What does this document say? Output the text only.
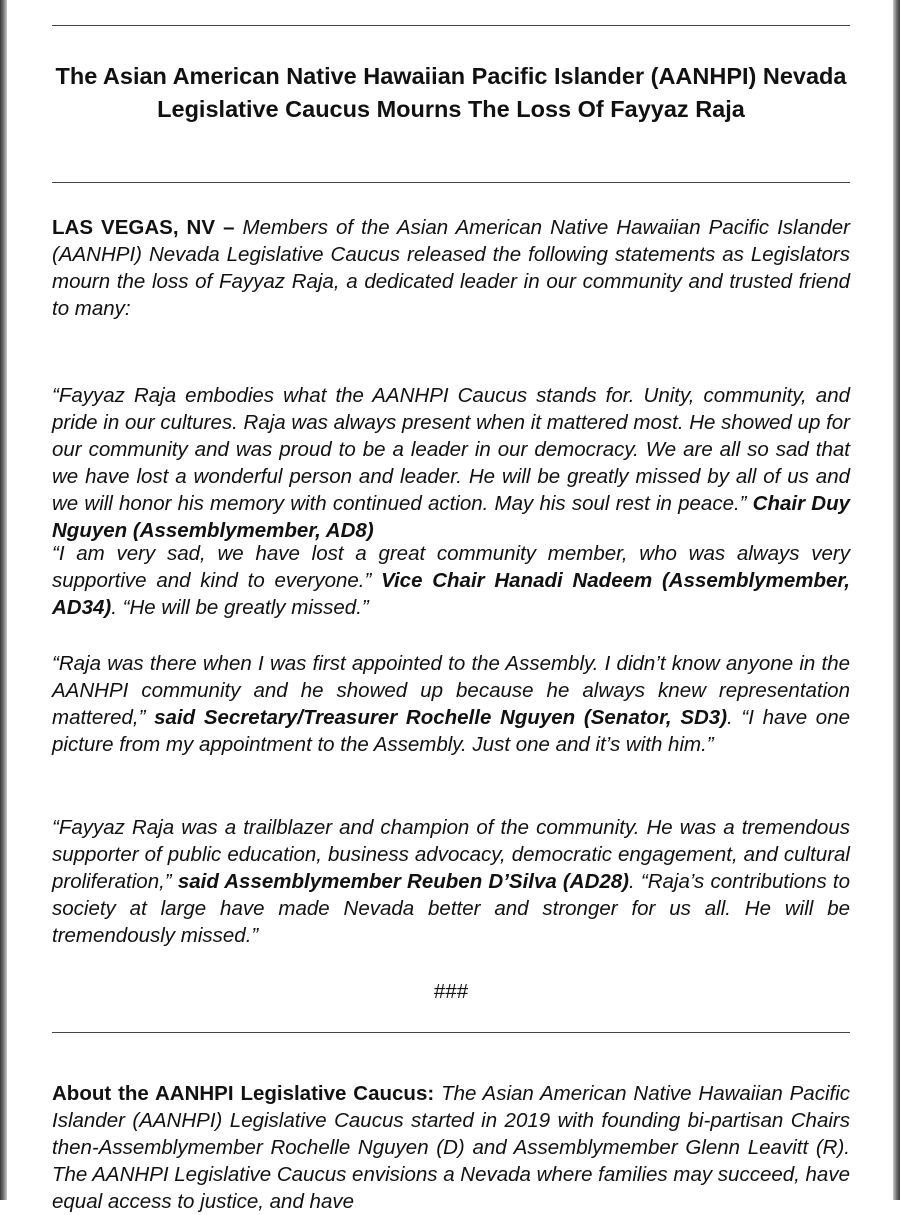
The Asian American Native Hawaiian Pacific Islander (AANHPI) Nevada Legislative Caucus Mourns The Loss Of Fayyaz Raja

LAS VEGAS, NV – Members of the Asian American Native Hawaiian Pacific Islander (AANHPI) Nevada Legislative Caucus released the following statements as Legislators mourn the loss of Fayyaz Raja, a dedicated leader in our community and trusted friend to many:

“Fayyaz Raja embodies what the AANHPI Caucus stands for. Unity, community, and pride in our cultures. Raja was always present when it mattered most. He showed up for our community and was proud to be a leader in our democracy. We are all so sad that we have lost a wonderful person and leader. He will be greatly missed by all of us and we will honor his memory with continued action. May his soul rest in peace.” Chair Duy Nguyen (Assemblymember, AD8)

“I am very sad, we have lost a great community member, who was always very supportive and kind to everyone.” Vice Chair Hanadi Nadeem (Assemblymember, AD34). “He will be greatly missed.”

“Raja was there when I was first appointed to the Assembly. I didn’t know anyone in the AANHPI community and he showed up because he always knew representation mattered,” said Secretary/Treasurer Rochelle Nguyen (Senator, SD3). “I have one picture from my appointment to the Assembly. Just one and it’s with him.”

“Fayyaz Raja was a trailblazer and champion of the community. He was a tremendous supporter of public education, business advocacy, democratic engagement, and cultural proliferation,” said Assemblymember Reuben D’Silva (AD28). “Raja’s contributions to society at large have made Nevada better and stronger for us all. He will be tremendously missed.”

###

About the AANHPI Legislative Caucus: The Asian American Native Hawaiian Pacific Islander (AANHPI) Legislative Caucus started in 2019 with founding bi-partisan Chairs then-Assemblymember Rochelle Nguyen (D) and Assemblymember Glenn Leavitt (R). The AANHPI Legislative Caucus envisions a Nevada where families may succeed, have equal access to justice, and have
